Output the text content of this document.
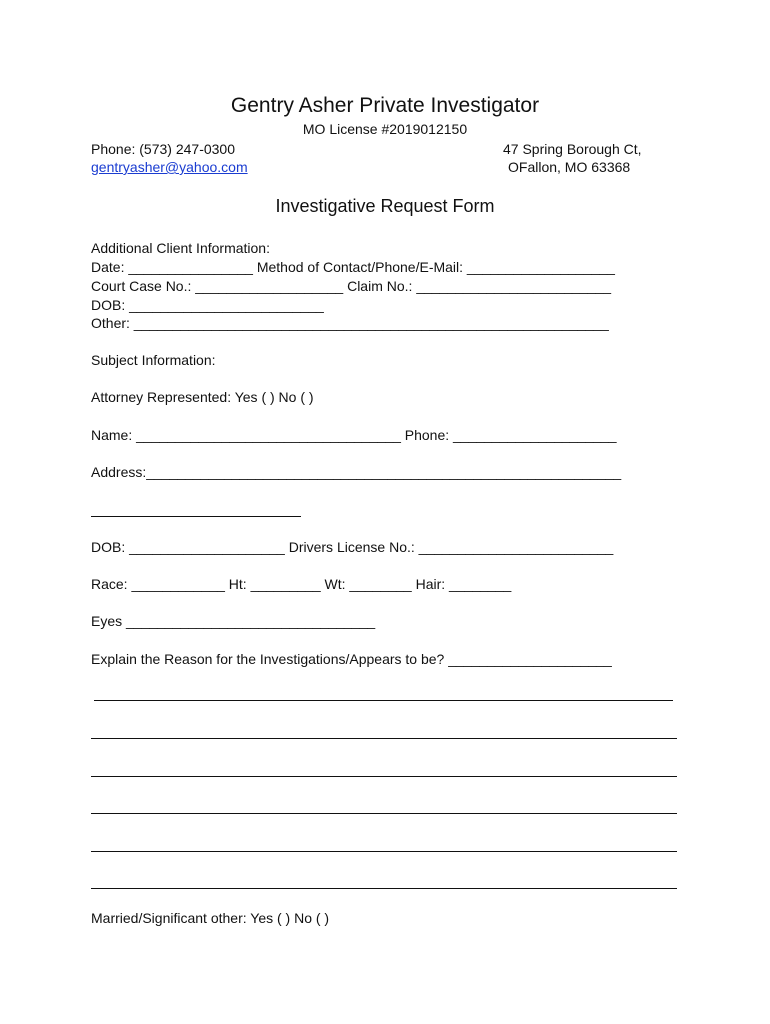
Gentry Asher Private Investigator
MO License #2019012150
Phone: (573) 247-0300
gentryasher@yahoo.com
47 Spring Borough Ct,
OFallon, MO 63368
Investigative Request Form
Additional Client Information:
Date: ________________ Method of Contact/Phone/E-Mail: ___________________
Court Case No.: ___________________ Claim No.: _________________________
DOB: _________________________
Other: _____________________________________________________________
Subject Information:
Attorney Represented: Yes ( ) No ( )
Name: __________________________________ Phone: _____________________
Address:_____________________________________________________________
DOB: ____________________ Drivers License No.: _________________________
Race: ____________ Ht: _________ Wt: ________ Hair: ________
Eyes ________________________________
Explain the Reason for the Investigations/Appears to be? _____________________
Married/Significant other: Yes ( ) No ( )
